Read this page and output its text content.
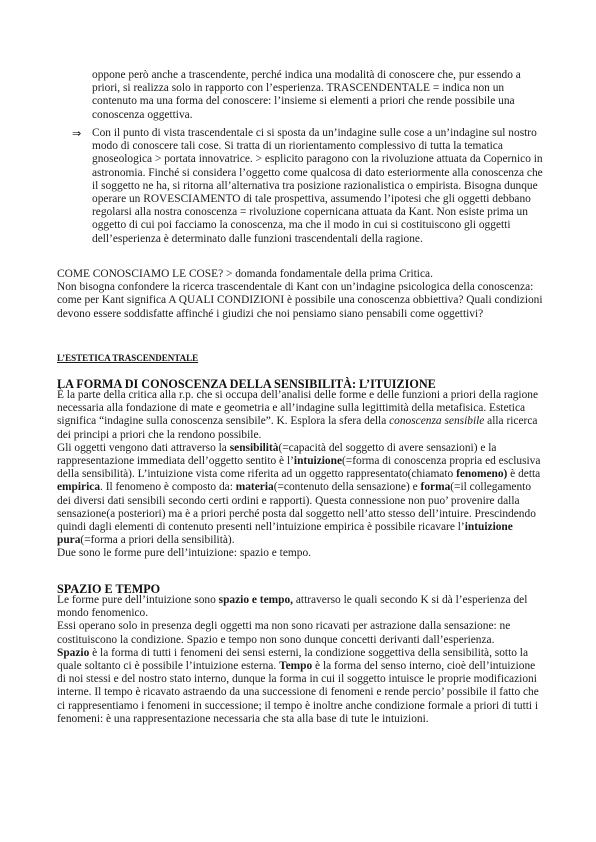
oppone però anche a trascendente, perché indica una modalità di conoscere che, pur essendo a priori, si realizza solo in rapporto con l’esperienza. TRASCENDENTALE = indica non un contenuto ma una forma del conoscere: l’insieme si elementi a priori che rende possibile una conoscenza oggettiva.

⇒ Con il punto di vista trascendentale ci si sposta da un’indagine sulle cose a un’indagine sul nostro modo di conoscere tali cose. Si tratta di un riorientamento complessivo di tutta la tematica gnoseologica > portata innovatrice. > esplicito paragono con la rivoluzione attuata da Copernico in astronomia. Finché si considera l’oggetto come qualcosa di dato esteriormente alla conoscenza che il soggetto ne ha, si ritorna all’alternativa tra posizione razionalistica o empirista. Bisogna dunque operare un ROVESCIAMENTO di tale prospettiva, assumendo l’ipotesi che gli oggetti debbano regolarsi alla nostra conoscenza = rivoluzione copernicana attuata da Kant. Non esiste prima un oggetto di cui poi facciamo la conoscenza, ma che il modo in cui si costituiscono gli oggetti dell’esperienza è determinato dalle funzioni trascendentali della ragione.

COME CONOSCIAMO LE COSE? > domanda fondamentale della prima Critica.

Non bisogna confondere la ricerca trascendentale di Kant con un’indagine psicologica della conoscenza: come per Kant significa A QUALI CONDIZIONI è possibile una conoscenza obbiettiva? Quali condizioni devono essere soddisfatte affinché i giudizi che noi pensiamo siano pensabili come oggettivi?

L’ESTETICA TRASCENDENTALE
LA FORMA DI CONOSCENZA DELLA SENSIBILITÀ: L’ITUIZIONE

È la parte della critica alla r.p. che si occupa dell’analisi delle forme e delle funzioni a priori della ragione necessaria alla fondazione di mate e geometria e all’indagine sulla legittimità della metafisica. Estetica significa “indagine sulla conoscenza sensibile”. K. Esplora la sfera della conoscenza sensibile alla ricerca dei principi a priori che la rendono possibile.

Gli oggetti vengono dati attraverso la sensibilità(=capacità del soggetto di avere sensazioni) e la rappresentazione immediata dell’oggetto sentito è l’intuizione(=forma di conoscenza propria ed esclusiva della sensibilità). L’intuizione vista come riferita ad un oggetto rappresentato(chiamato fenomeno) è detta empirica. Il fenomeno è composto da: materia(=contenuto della sensazione) e forma(=il collegamento dei diversi dati sensibili secondo certi ordini e rapporti). Questa connessione non puo’ provenire dalla sensazione(a posteriori) ma è a priori perché posta dal soggetto nell’atto stesso dell’intuire. Prescindendo quindi dagli elementi di contenuto presenti nell’intuizione empirica è possibile ricavare l’intuizione pura(=forma a priori della sensibilità).

Due sono le forme pure dell’intuizione: spazio e tempo.

SPAZIO E TEMPO

Le forme pure dell’intuizione sono spazio e tempo, attraverso le quali secondo K si dà l’esperienza del mondo fenomenico.

Essi operano solo in presenza degli oggetti ma non sono ricavati per astrazione dalla sensazione: ne costituiscono la condizione. Spazio e tempo non sono dunque concetti derivanti dall’esperienza.

Spazio è la forma di tutti i fenomeni dei sensi esterni, la condizione soggettiva della sensibilità, sotto la quale soltanto ci è possibile l’intuizione esterna. Tempo è la forma del senso interno, cioè dell’intuizione di noi stessi e del nostro stato interno, dunque la forma in cui il soggetto intuisce le proprie modificazioni interne. Il tempo è ricavato astraendo da una successione di fenomeni e rende percio’ possibile il fatto che ci rappresentiamo i fenomeni in successione; il tempo è inoltre anche condizione formale a priori di tutti i fenomeni: è una rappresentazione necessaria che sta alla base di tute le intuizioni.
